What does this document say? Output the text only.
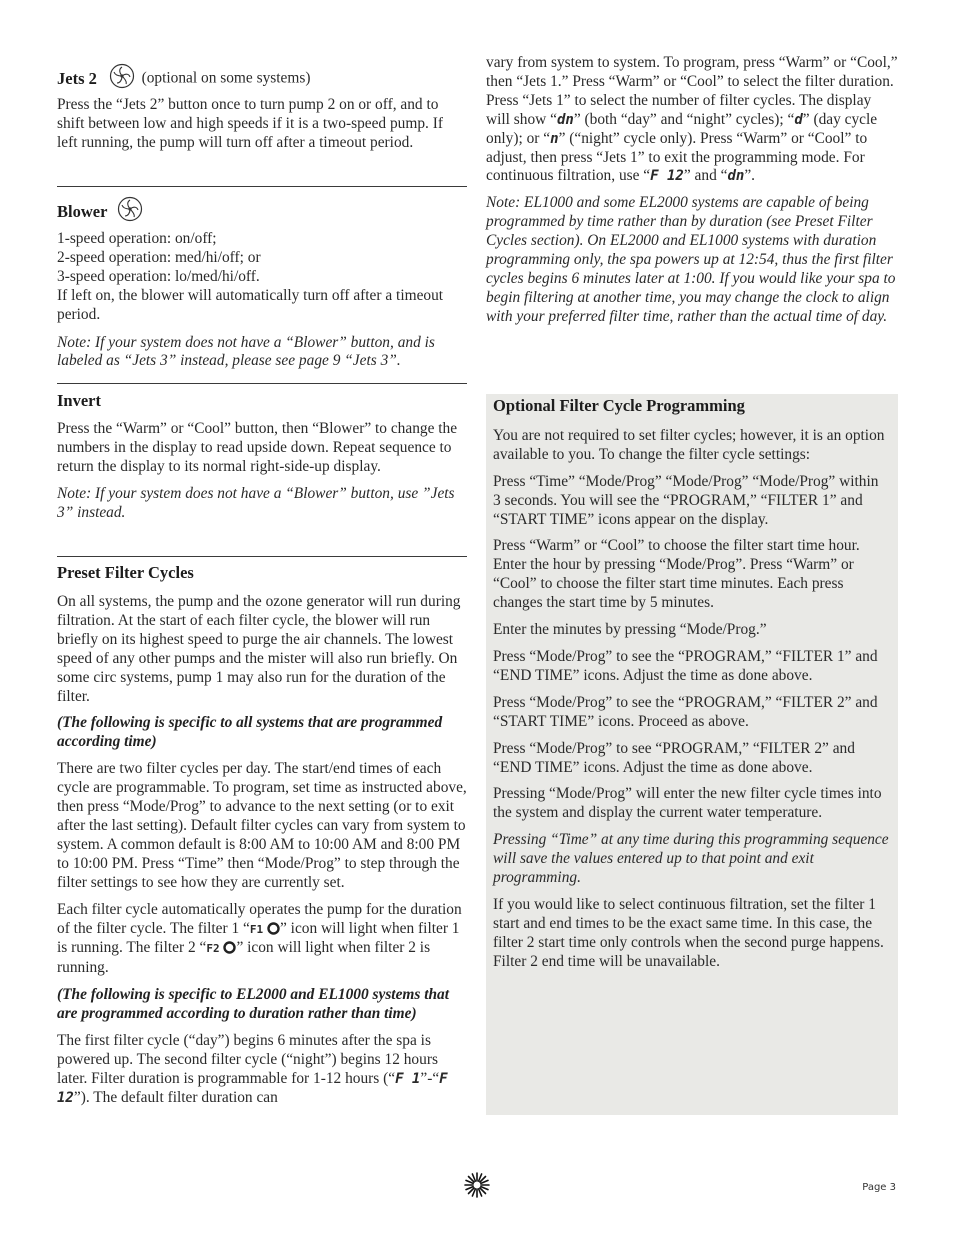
Jets 2	(optional on some systems)

Press the “Jets 2” button once to turn pump 2 on or off, and to shift between low and high speeds if it is a two-speed pump. If left running, the pump will turn off after a timeout period.

Blower
1-speed operation: on/off;
2-speed operation: med/hi/off; or
3-speed operation: lo/med/hi/off.
If left on, the blower will automatically turn off after a timeout period.

Note: If your system does not have a “Blower” button, and is labeled as “Jets 3” instead, please see page 9 “Jets 3”.

Invert

Press the “Warm” or “Cool” button, then “Blower” to change the numbers in the display to read upside down. Repeat sequence to return the display to its normal right-side-up display.

Note: If your system does not have a “Blower” button, use ”Jets 3” instead.

Preset Filter Cycles

On all systems, the pump and the ozone generator will run during filtration. At the start of each filter cycle, the blower will run briefly on its highest speed to purge the air channels. The lowest speed of any other pumps and the mister will also run briefly. On some circ systems, pump 1 may also run for the duration of the filter.

(The following is specific to all systems that are programmed according time)

There are two filter cycles per day. The start/end times of each cycle are programmable. To program, set time as instructed above, then press “Mode/Prog” to advance to the next setting (or to exit after the last setting). Default filter cycles can vary from system to system. A common default is 8:00 AM to 10:00 AM and 8:00 PM to 10:00 PM. Press “Time” then “Mode/Prog” to step through the filter settings to see how they are currently set.

Each filter cycle automatically operates the pump for the duration of the filter cycle. The filter 1 “F1 ” icon will light when filter 1 is running. The filter 2 “F2 ” icon will light when filter 2 is running.

(The following is specific to EL2000 and EL1000 systems that are programmed according to duration rather than time)

The first filter cycle (“day”) begins 6 minutes after the spa is powered up. The second filter cycle (“night”) begins 12 hours later. Filter duration is programmable for 1-12 hours (“F 1”-“F 12”). The default filter duration can

vary from system to system. To program, press “Warm” or “Cool,” then “Jets 1.” Press “Warm” or “Cool” to select the filter duration. Press “Jets 1” to select the number of filter cycles. The display will show “dn” (both “day” and “night” cycles); “d” (day cycle only); or “n” (“night” cycle only). Press “Warm” or “Cool” to adjust, then press “Jets 1” to exit the programming mode. For continuous filtration, use “F 12” and “dn”.

Note: EL1000 and some EL2000 systems are capable of being programmed by time rather than by duration (see Preset Filter Cycles section). On EL2000 and EL1000 systems with duration programming only, the spa powers up at 12:54, thus the first filter cycles begins 6 minutes later at 1:00. If you would like your spa to begin filtering at another time, you may change the clock to align with your preferred filter time, rather than the actual time of day.

Optional Filter Cycle Programming

You are not required to set filter cycles; however, it is an option available to you. To change the filter cycle settings:

Press “Time” “Mode/Prog” “Mode/Prog” “Mode/Prog” within 3 seconds. You will see the “PROGRAM,” “FILTER 1” and “START TIME” icons appear on the display.

Press “Warm” or “Cool” to choose the filter start time hour. Enter the hour by pressing “Mode/Prog”. Press “Warm” or “Cool” to choose the filter start time minutes. Each press changes the start time by 5 minutes.

Enter the minutes by pressing “Mode/Prog.”

Press “Mode/Prog” to see the “PROGRAM,” “FILTER 1” and “END TIME” icons. Adjust the time as done above.

Press “Mode/Prog” to see the “PROGRAM,” “FILTER 2” and “START TIME” icons. Proceed as above.

Press “Mode/Prog” to see “PROGRAM,” “FILTER 2” and “END TIME” icons. Adjust the time as done above.

Pressing “Mode/Prog” will enter the new filter cycle times into the system and display the current water temperature.

Pressing “Time” at any time during this programming sequence will save the values entered up to that point and exit programming.

If you would like to select continuous filtration, set the filter 1 start and end times to be the exact same time. In this case, the filter 2 start time only controls when the second purge happens. Filter 2 end time will be unavailable.

Page 3
